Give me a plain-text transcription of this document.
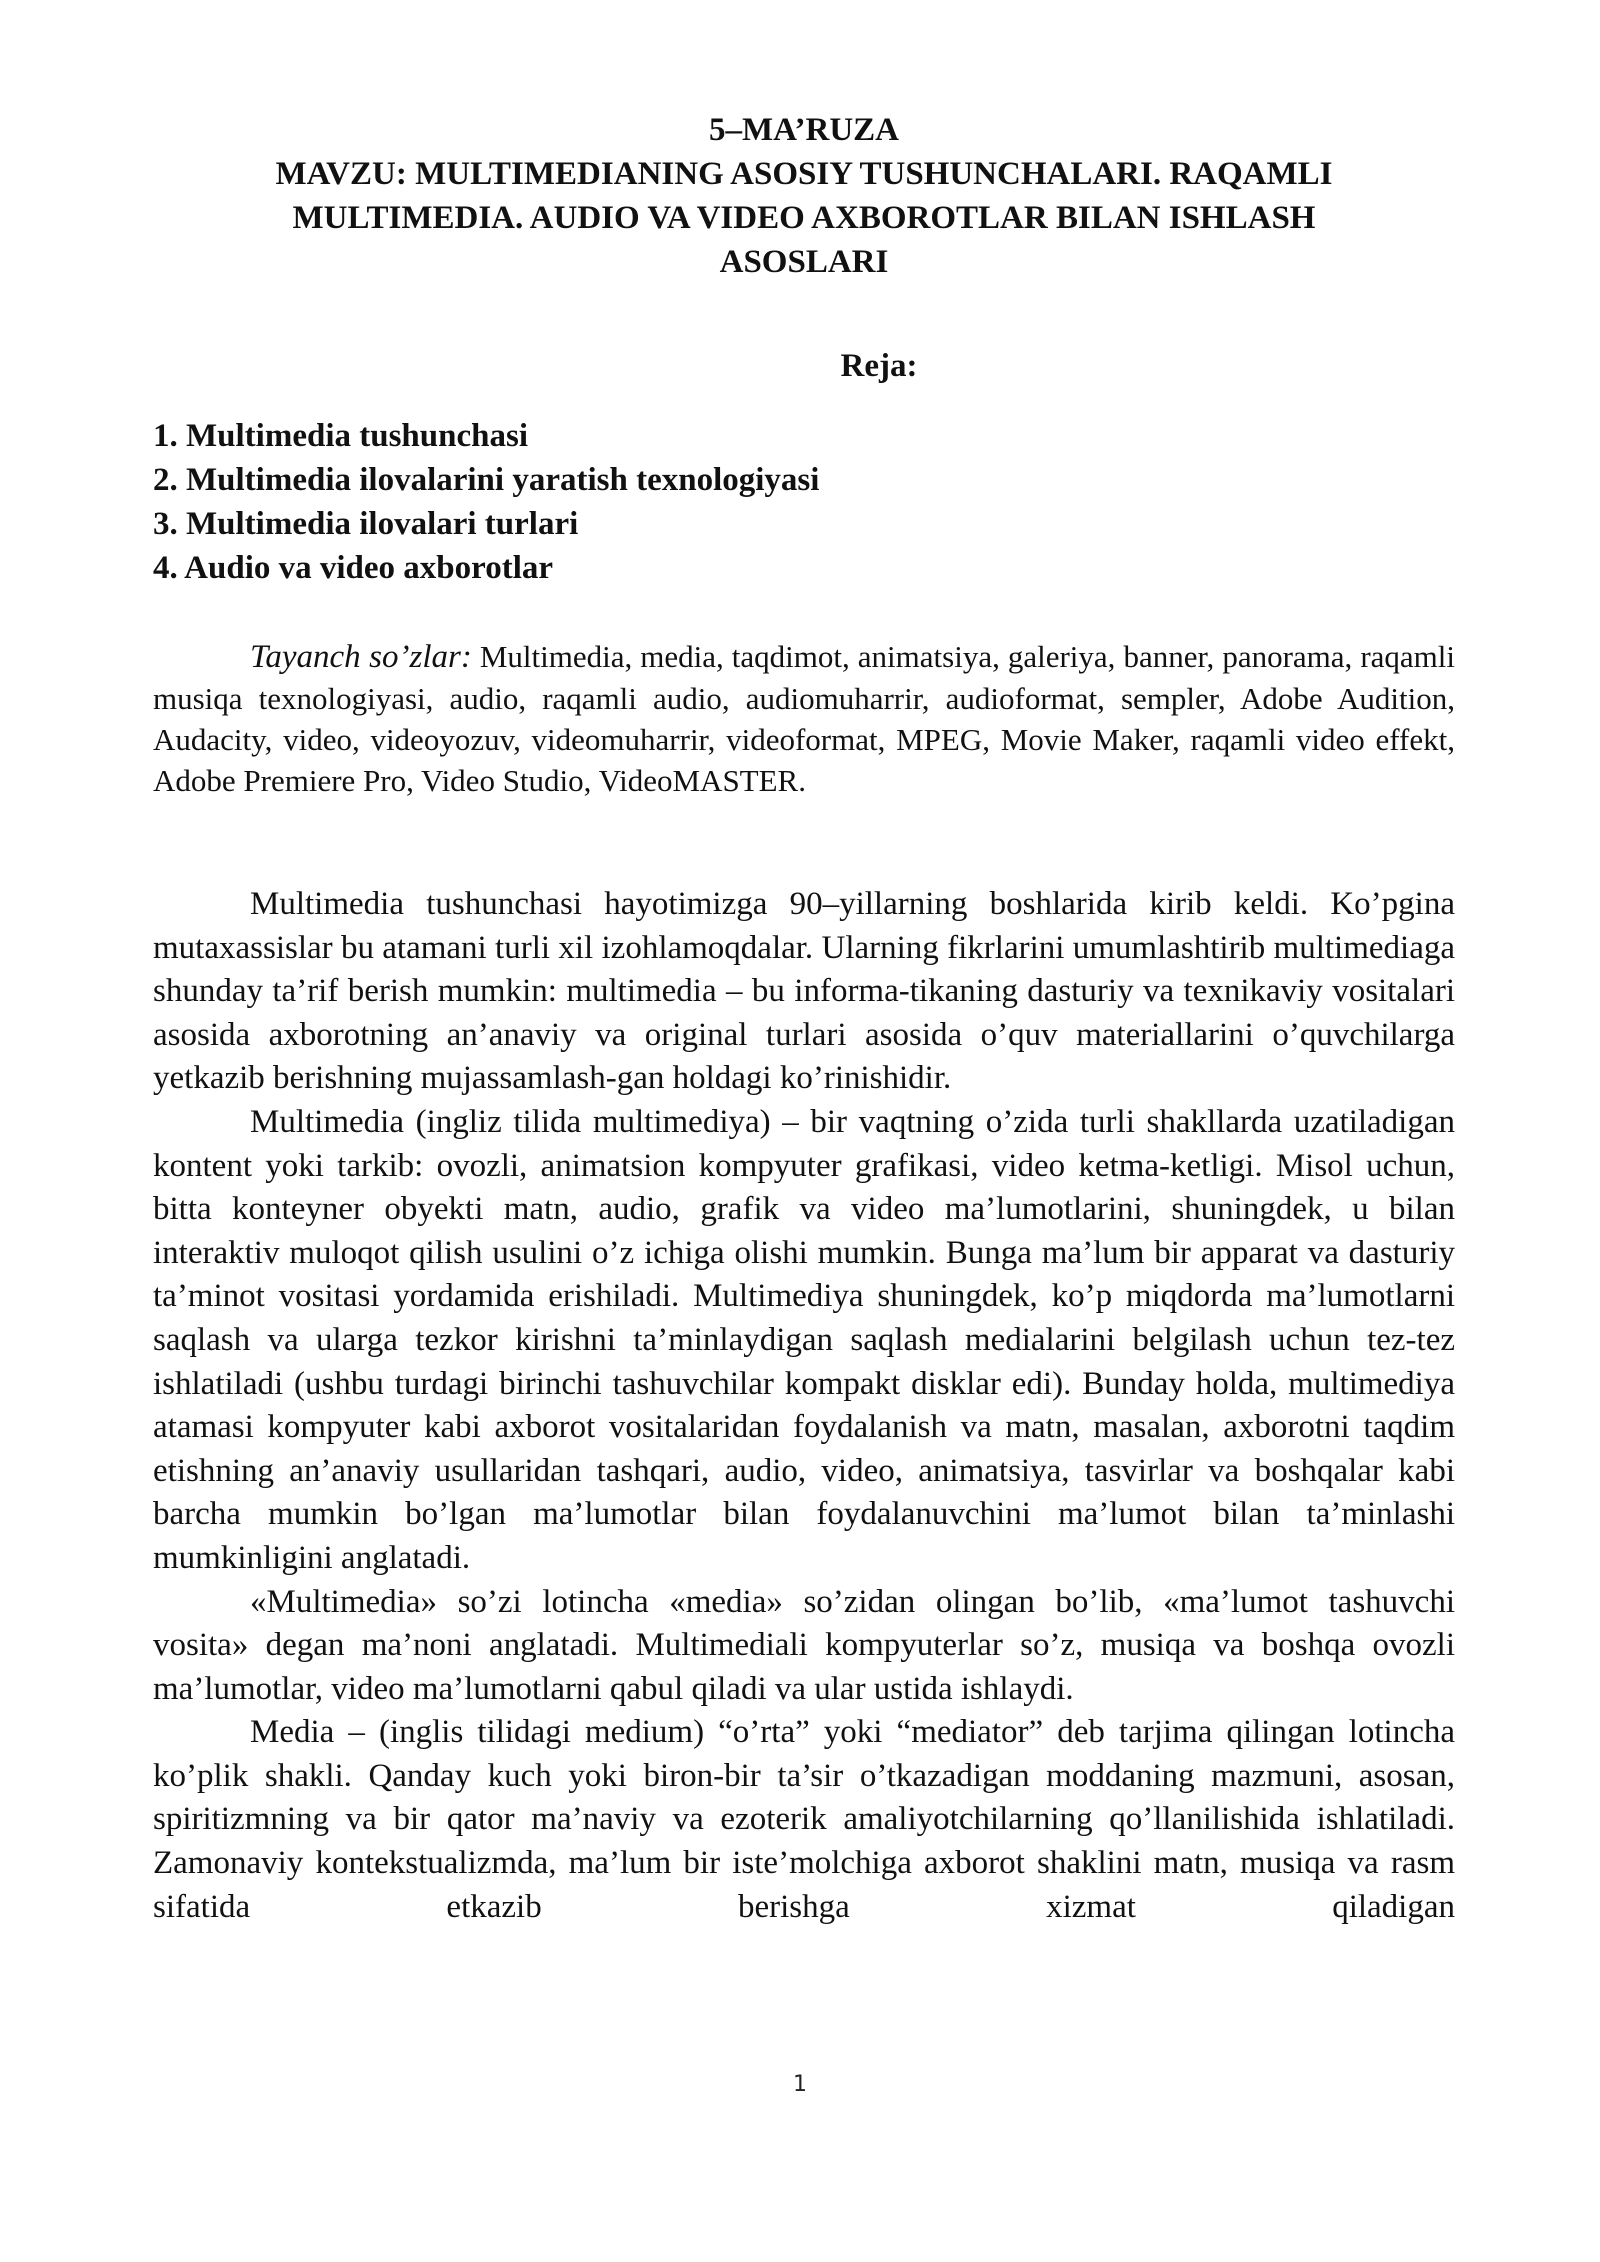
5–MA’RUZA
MAVZU: MULTIMEDIANING ASOSIY TUSHUNCHALARI. RAQAMLI
MULTIMEDIA. AUDIO VA VIDEO AXBOROTLAR BILAN ISHLASH
ASOSLARI
Reja:
1. Multimedia tushunchasi
2. Multimedia ilovalarini yaratish texnologiyasi
3. Multimedia ilovalari turlari
4. Audio va video axborotlar

Tayanch so’zlar: Multimedia, media, taqdimot, animatsiya, galeriya, banner, panorama, raqamli musiqa texnologiyasi, audio, raqamli audio, audiomuharrir, audioformat, sempler, Adobe Audition, Audacity, video, videoyozuv, videomuharrir, videoformat, MPEG, Movie Maker, raqamli video effekt, Adobe Premiere Pro, Video Studio, VideoMASTER.

Multimedia tushunchasi hayotimizga 90–yillarning boshlarida kirib keldi. Ko’pgina mutaxassislar bu atamani turli xil izohlamoqdalar. Ularning fikrlarini umumlashtirib multimediaga shunday ta’rif berish mumkin: multimedia – bu informa-tikaning dasturiy va texnikaviy vositalari asosida axborotning an’anaviy va original turlari asosida o’quv materiallarini o’quvchilarga yetkazib berishning mujassamlash-gan holdagi ko’rinishidir.

Multimedia (ingliz tilida multimediya) – bir vaqtning o’zida turli shakllarda uzatiladigan kontent yoki tarkib: ovozli, animatsion kompyuter grafikasi, video ketma-ketligi. Misol uchun, bitta konteyner obyekti matn, audio, grafik va video ma’lumotlarini, shuningdek, u bilan interaktiv muloqot qilish usulini o’z ichiga olishi mumkin. Bunga ma’lum bir apparat va dasturiy ta’minot vositasi yordamida erishiladi. Multimediya shuningdek, ko’p miqdorda ma’lumotlarni saqlash va ularga tezkor kirishni ta’minlaydigan saqlash medialarini belgilash uchun tez-tez ishlatiladi (ushbu turdagi birinchi tashuvchilar kompakt disklar edi). Bunday holda, multimediya atamasi kompyuter kabi axborot vositalaridan foydalanish va matn, masalan, axborotni taqdim etishning an’anaviy usullaridan tashqari, audio, video, animatsiya, tasvirlar va boshqalar kabi barcha mumkin bo’lgan ma’lumotlar bilan foydalanuvchini ma’lumot bilan ta’minlashi mumkinligini anglatadi.

«Multimedia» so’zi lotincha «media» so’zidan olingan bo’lib, «ma’lumot tashuvchi vosita» degan ma’noni anglatadi. Multimediali kompyuterlar so’z, musiqa va boshqa ovozli ma’lumotlar, video ma’lumotlarni qabul qiladi va ular ustida ishlaydi.

Media – (inglis tilidagi medium) “o’rta” yoki “mediator” deb tarjima qilingan lotincha ko’plik shakli. Qanday kuch yoki biron-bir ta’sir o’tkazadigan moddaning mazmuni, asosan, spiritizmning va bir qator ma’naviy va ezoterik amaliyotchilarning qo’llanilishida ishlatiladi. Zamonaviy kontekstualizmda, ma’lum bir iste’molchiga axborot shaklini matn, musiqa va rasm sifatida etkazib berishga xizmat qiladigan

1
